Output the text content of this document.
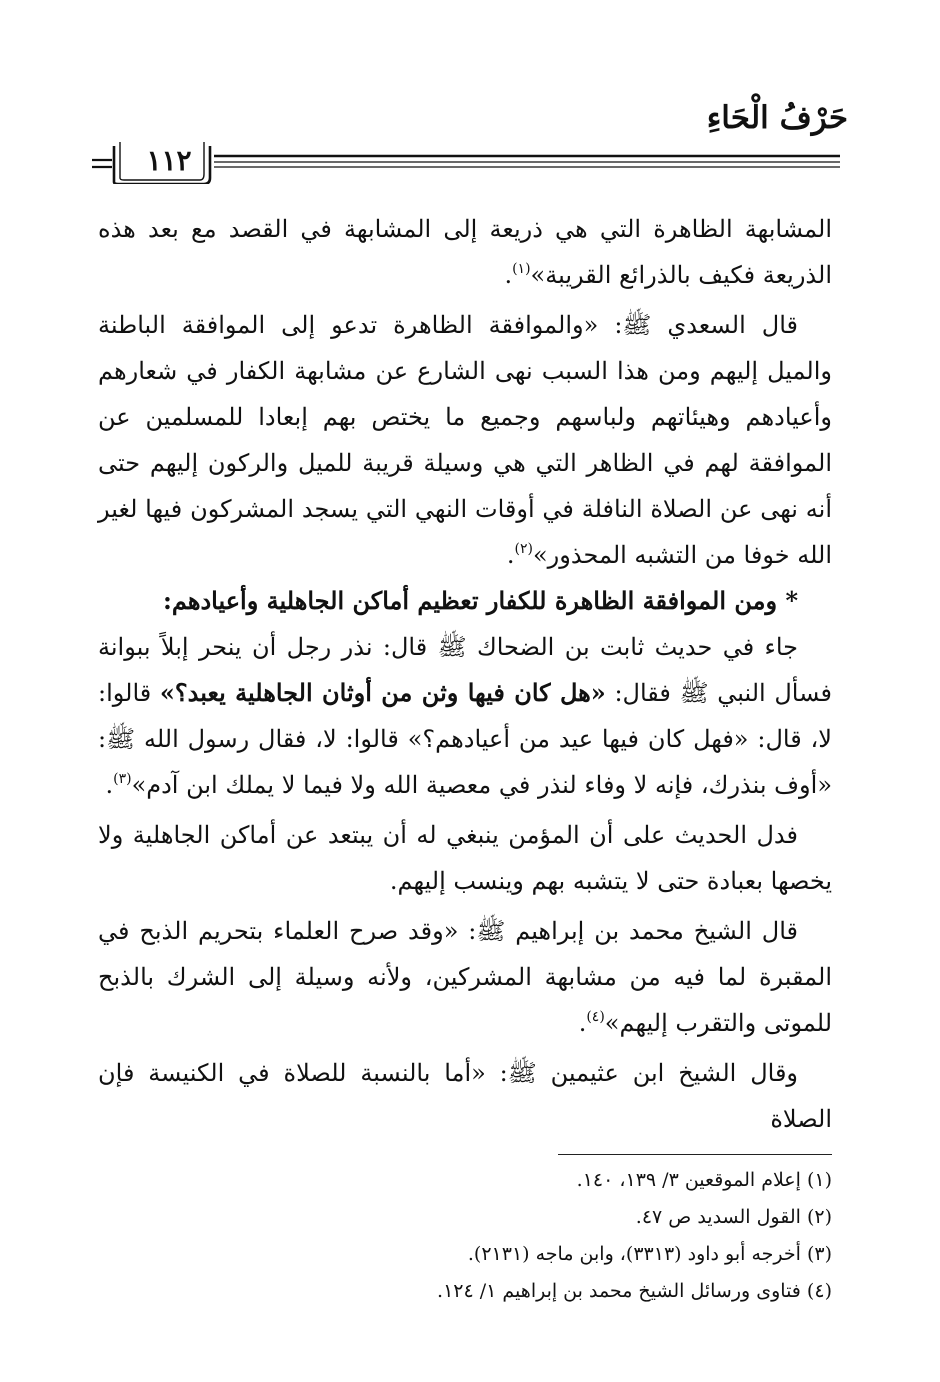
حَرْفُ الْحَاءِ
١١٢

المشابهة الظاهرة التي هي ذريعة إلى المشابهة في القصد مع بعد هذه الذريعة فكيف بالذرائع القريبة»$^{(١)}$.

قال السعدي ﷺ: «والموافقة الظاهرة تدعو إلى الموافقة الباطنة والميل إليهم ومن هذا السبب نهى الشارع عن مشابهة الكفار في شعارهم وأعيادهم وهيئاتهم ولباسهم وجميع ما يختص بهم إبعادا للمسلمين عن الموافقة لهم في الظاهر التي هي وسيلة قريبة للميل والركون إليهم حتى أنه نهى عن الصلاة النافلة في أوقات النهي التي يسجد المشركون فيها لغير الله خوفا من التشبه المحذور»$^{(٢)}$.

* ومن الموافقة الظاهرة للكفار تعظيم أماكن الجاهلية وأعيادهم:

جاء في حديث ثابت بن الضحاك ﷺ قال: نذر رجل أن ينحر إبلاً ببوانة فسأل النبي ﷺ فقال: «هل كان فيها وثن من أوثان الجاهلية يعبد؟» قالوا: لا، قال: «فهل كان فيها عيد من أعيادهم؟» قالوا: لا، فقال رسول الله ﷺ: «أوف بنذرك، فإنه لا وفاء لنذر في معصية الله ولا فيما لا يملك ابن آدم»$^{(٣)}$.

فدل الحديث على أن المؤمن ينبغي له أن يبتعد عن أماكن الجاهلية ولا يخصها بعبادة حتى لا يتشبه بهم وينسب إليهم.

قال الشيخ محمد بن إبراهيم ﷺ: «وقد صرح العلماء بتحريم الذبح في المقبرة لما فيه من مشابهة المشركين، ولأنه وسيلة إلى الشرك بالذبح للموتى والتقرب إليهم»$^{(٤)}$.

وقال الشيخ ابن عثيمين ﷺ: «أما بالنسبة للصلاة في الكنيسة فإن الصلاة

(١) إعلام الموقعين ٣/ ١٣٩، ١٤٠.

(٢) القول السديد ص ٤٧.

(٣) أخرجه أبو داود (٣٣١٣)، وابن ماجه (٢١٣١).

(٤) فتاوى ورسائل الشيخ محمد بن إبراهيم ١/ ١٢٤.
